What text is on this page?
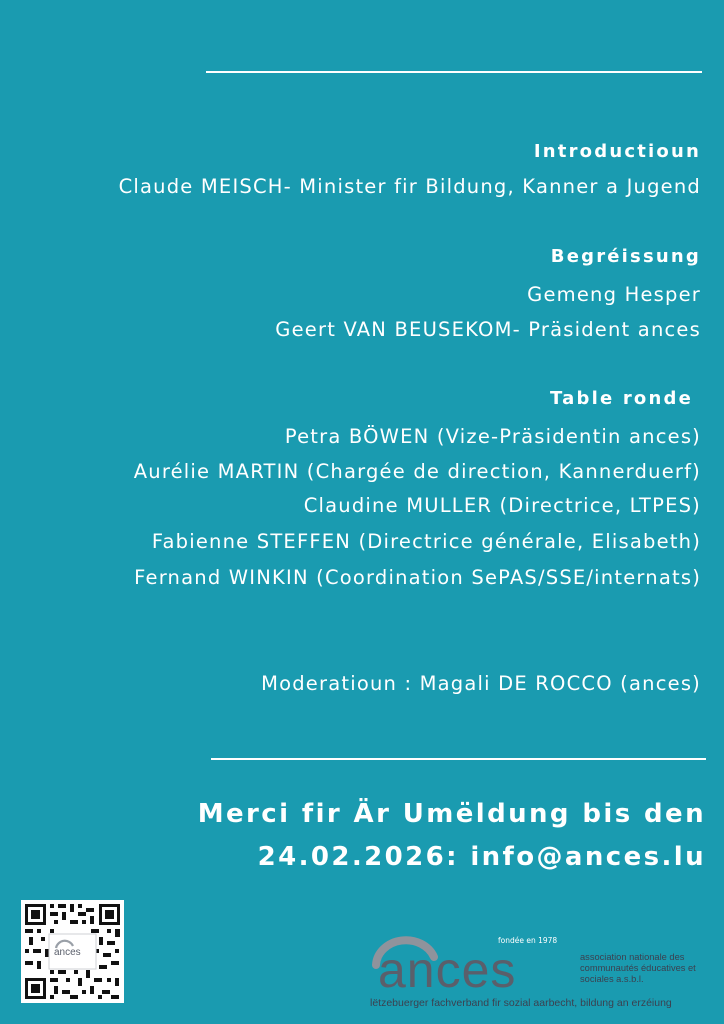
Introductioun
Claude MEISCH- Minister fir Bildung, Kanner a Jugend
Begréissung
Gemeng Hesper
Geert VAN BEUSEKOM- Präsident ances
Table ronde
Petra BÖWEN (Vize-Präsidentin ances)
Aurélie MARTIN (Chargée de direction, Kannerduerf)
Claudine MULLER (Directrice, LTPES)
Fabienne STEFFEN (Directrice générale, Elisabeth)
Fernand WINKIN (Coordination SePAS/SSE/internats)
Moderatioun : Magali DE ROCCO (ances)
Merci fir Är Umëldung bis den
24.02.2026: info@ances.lu
ances
fondée en 1978
ances	association nationale des communautés éducatives et sociales a.s.b.l.
lëtzebuerger fachverband fir sozial aarbecht, bildung an erzéiung
